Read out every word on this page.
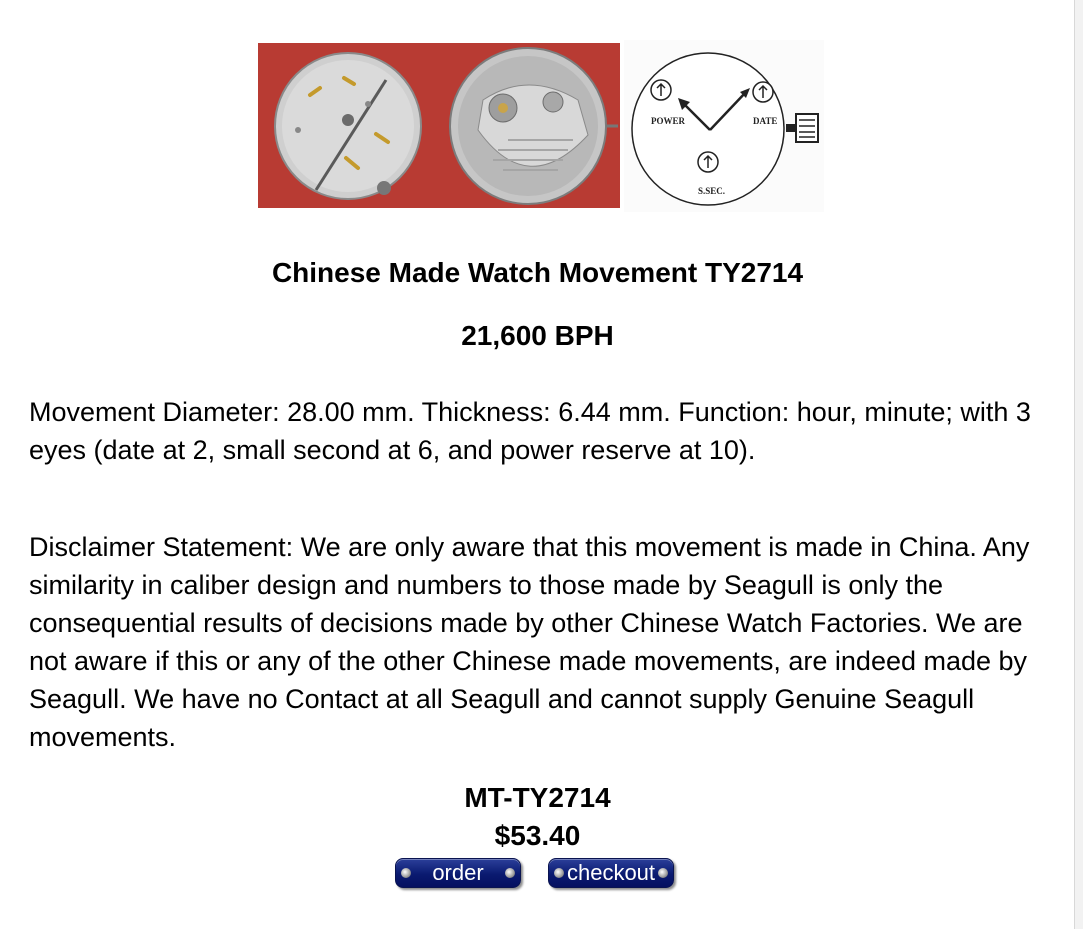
POWER	DATE
S.SEC.
Chinese Made Watch Movement TY2714
21,600 BPH

Movement Diameter: 28.00 mm. Thickness: 6.44 mm. Function: hour, minute; with 3 eyes (date at 2, small second at 6, and power reserve at 10).

Disclaimer Statement: We are only aware that this movement is made in China. Any similarity in caliber design and numbers to those made by Seagull is only the consequential results of decisions made by other Chinese Watch Factories. We are not aware if this or any of the other Chinese made movements, are indeed made by Seagull. We have no Contact at all Seagull and cannot supply Genuine Seagull movements.

MT-TY2714
$53.40
order	checkout
